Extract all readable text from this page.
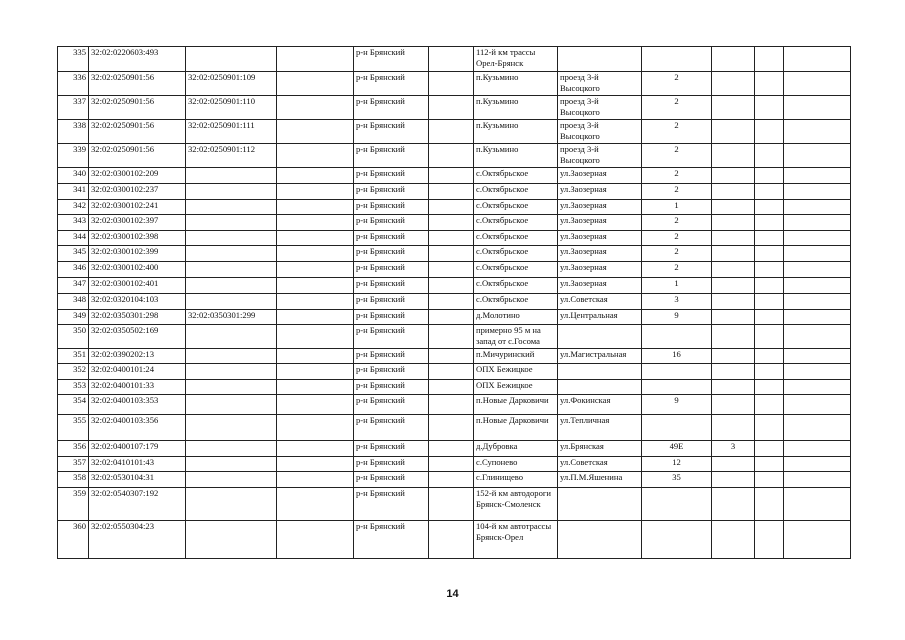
335	32:02:0220603:493			р-н Брянский		112-й км трассы Орел-Брянск					
336	32:02:0250901:56	32:02:0250901:109		р-н Брянский		п.Кузьмино	проезд 3-й Высоцкого	2			
337	32:02:0250901:56	32:02:0250901:110		р-н Брянский		п.Кузьмино	проезд 3-й Высоцкого	2			
338	32:02:0250901:56	32:02:0250901:111		р-н Брянский		п.Кузьмино	проезд 3-й Высоцкого	2			
339	32:02:0250901:56	32:02:0250901:112		р-н Брянский		п.Кузьмино	проезд 3-й Высоцкого	2			
340	32:02:0300102:209			р-н Брянский		с.Октябрьское	ул.Заозерная	2			
341	32:02:0300102:237			р-н Брянский		с.Октябрьское	ул.Заозерная	2			
342	32:02:0300102:241			р-н Брянский		с.Октябрьское	ул.Заозерная	1			
343	32:02:0300102:397			р-н Брянский		с.Октябрьское	ул.Заозерная	2			
344	32:02:0300102:398			р-н Брянский		с.Октябрьское	ул.Заозерная	2			
345	32:02:0300102:399			р-н Брянский		с.Октябрьское	ул.Заозерная	2			
346	32:02:0300102:400			р-н Брянский		с.Октябрьское	ул.Заозерная	2			
347	32:02:0300102:401			р-н Брянский		с.Октябрьское	ул.Заозерная	1			
348	32:02:0320104:103			р-н Брянский		с.Октябрьское	ул.Советская	3			
349	32:02:0350301:298	32:02:0350301:299		р-н Брянский		д.Молотино	ул.Центральная	9			
350	32:02:0350502:169			р-н Брянский		примерно 95 м на запад от с.Госома					
351	32:02:0390202:13			р-н Брянский		п.Мичуринский	ул.Магистральная	16			
352	32:02:0400101:24			р-н Брянский		ОПХ Бежицкое					
353	32:02:0400101:33			р-н Брянский		ОПХ Бежицкое					
354	32:02:0400103:353			р-н Брянский		п.Новые Дарковичи	ул.Фокинская	9			
355	32:02:0400103:356			р-н Брянский		п.Новые Дарковичи	ул.Тепличная				
356	32:02:0400107:179			р-н Брянский		д.Дубровка	ул.Брянская	49Е	3		
357	32:02:0410101:43			р-н Брянский		с.Супонево	ул.Советская	12			
358	32:02:0530104:31			р-н Брянский		с.Глинищево	ул.П.М.Яшенина	35			
359	32:02:0540307:192			р-н Брянский		152-й км автодороги Брянск-Смоленск					
360	32:02:0550304:23			р-н Брянский		104-й км автотрассы Брянск-Орел					
14
